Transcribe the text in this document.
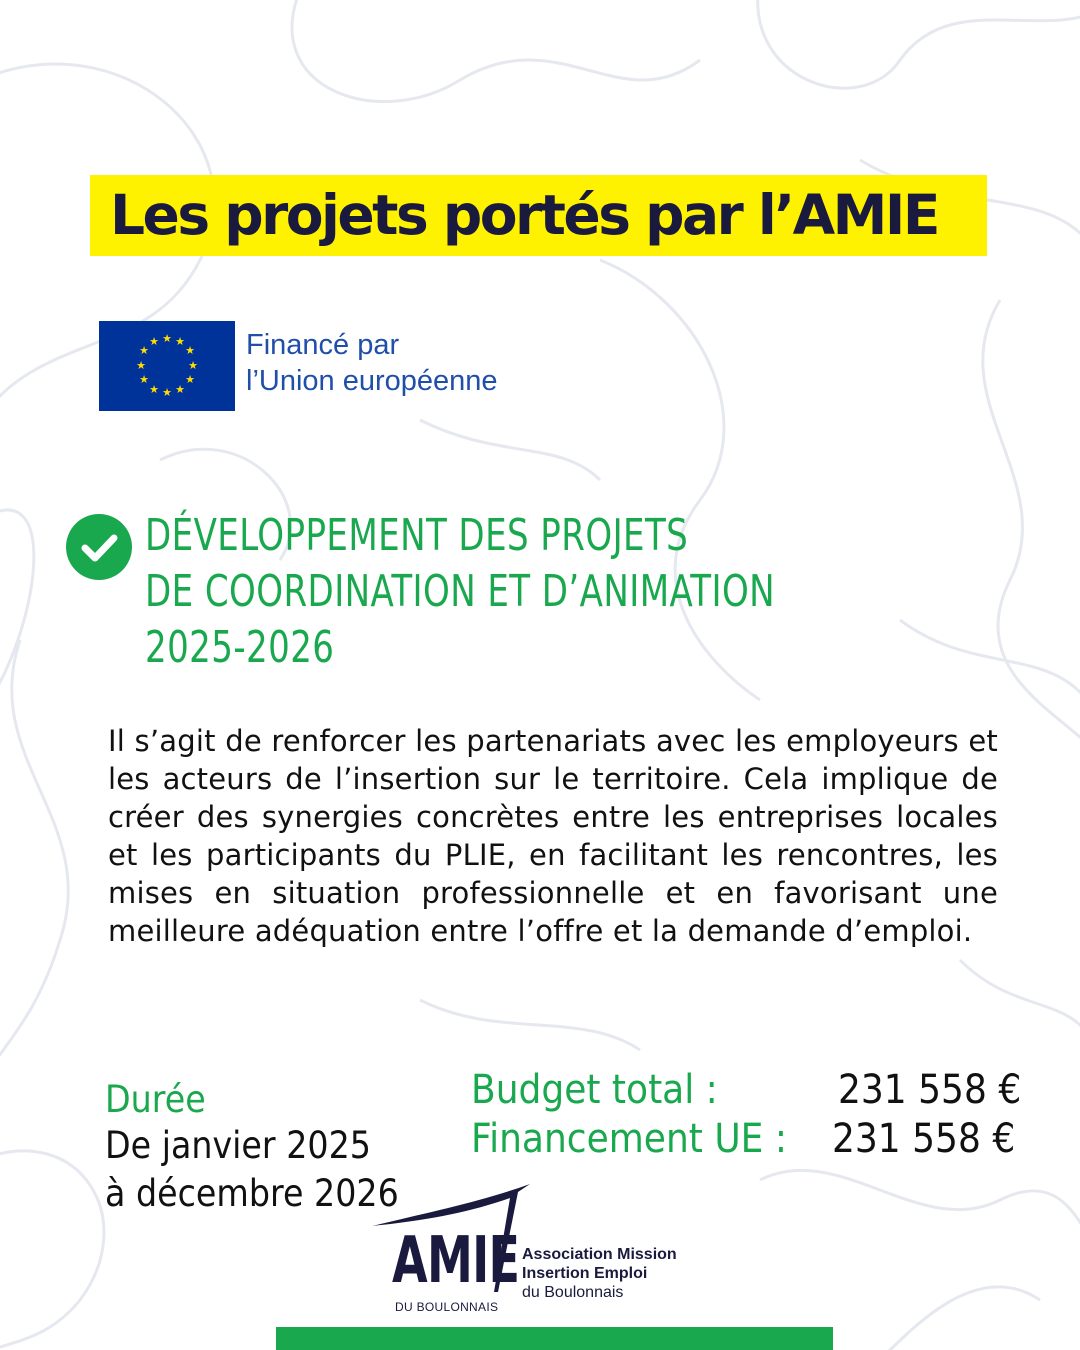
Les projets portés par l’AMIE
★ ★
★
★
★
★
★
★
★
★
★
★	Financé par
l’Union européenne
DÉVELOPPEMENT DES PROJETS
DE COORDINATION ET D’ANIMATION
2025-2026
Il s’agit de renforcer les partenariats avec les employeurs et les acteurs de l’insertion sur le territoire. Cela implique de créer des synergies concrètes entre les entreprises locales et les participants du PLIE, en facilitant les rencontres, les mises en situation professionnelle et en favorisant une meilleure adéquation entre l’offre et la demande d’emploi.
Durée
De janvier 2025
à décembre 2026
Budget total :	231 558 €
Financement UE : 231 558 €
AMIE
DU BOULONNAIS
Association Mission
Insertion Emploi
du Boulonnais
